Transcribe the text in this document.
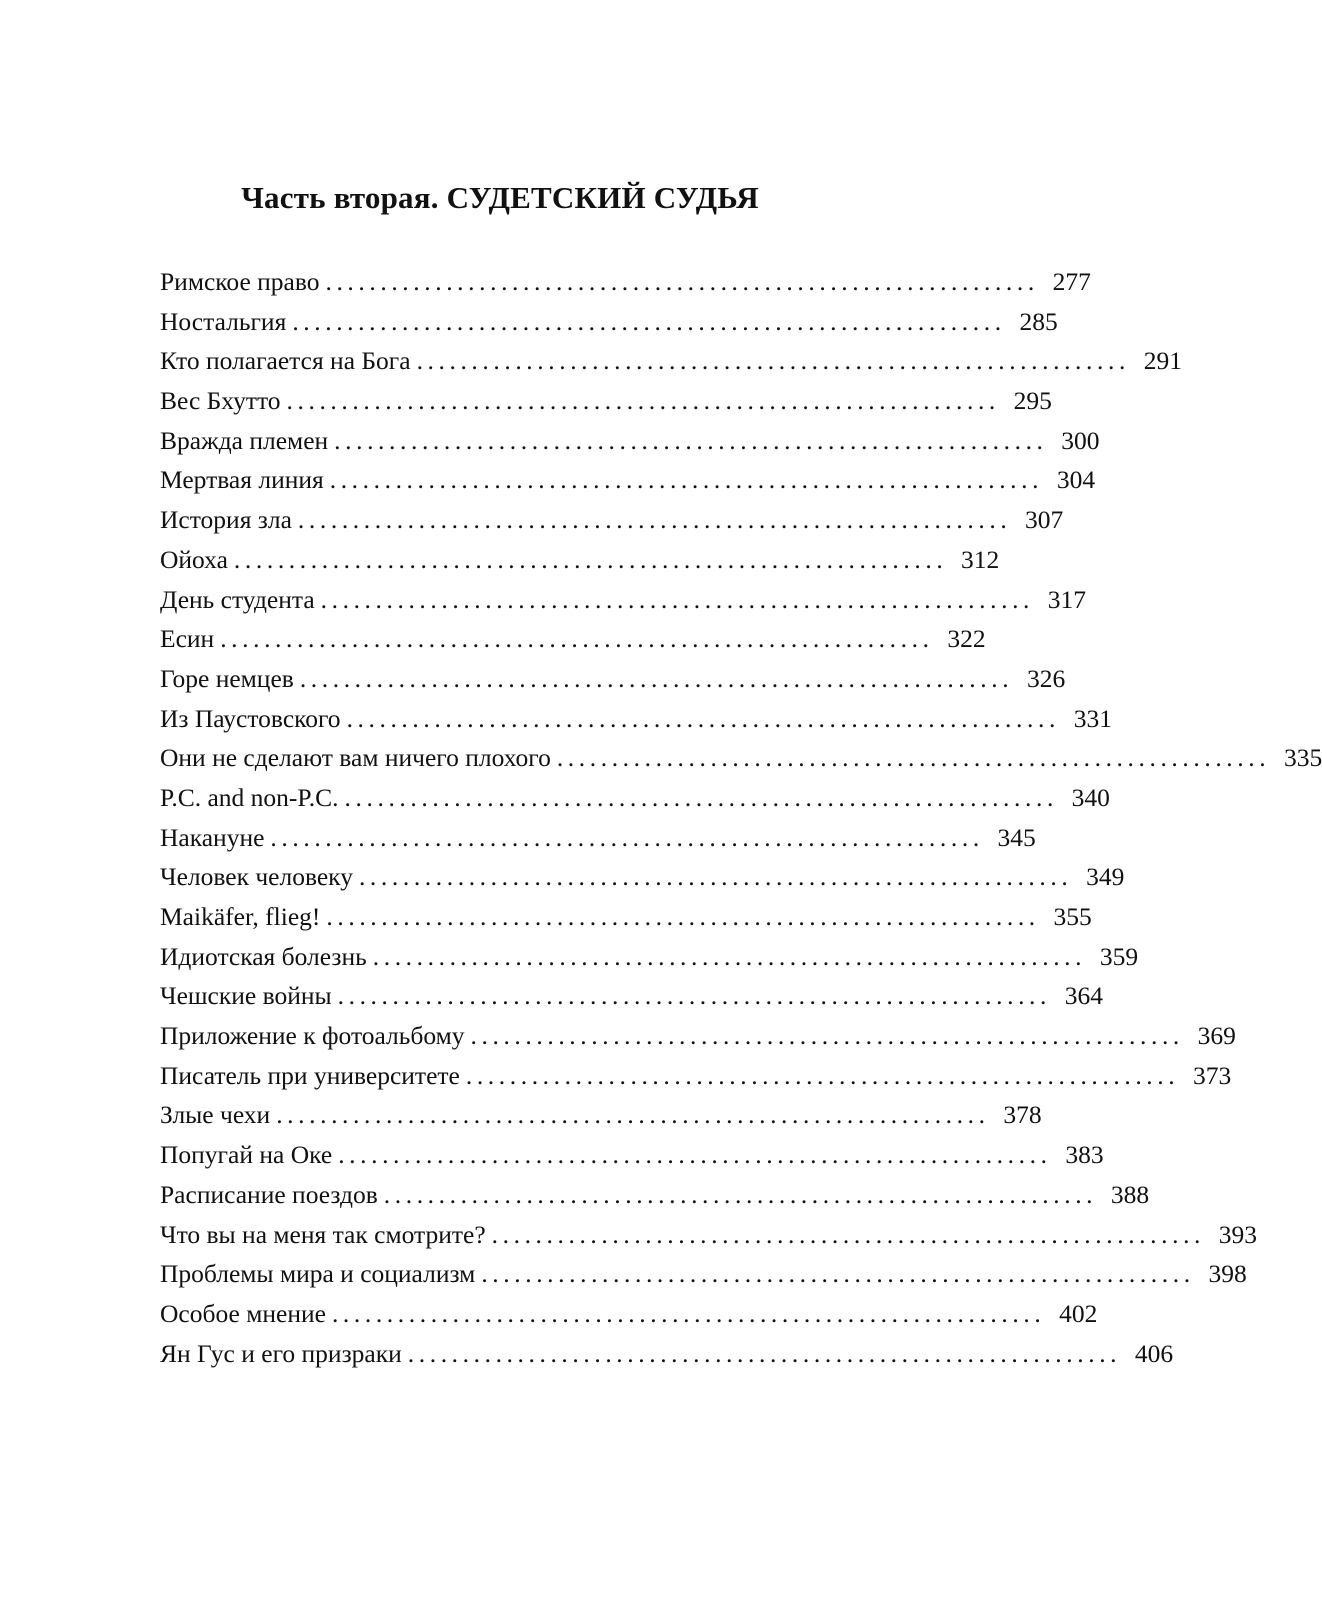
Часть вторая. СУДЕТСКИЙ СУДЬЯ
Римское право ................................................................. 277
Ностальгия ................................................................. 285
Кто полагается на Бога ................................................................. 291
Вес Бхутто ................................................................. 295
Вражда племен ................................................................. 300
Мертвая линия ................................................................. 304
История зла ................................................................. 307
Ойоха ................................................................. 312
День студента ................................................................. 317
Есин ................................................................. 322
Горе немцев ................................................................. 326
Из Паустовского ................................................................. 331
Они не сделают вам ничего плохого ................................................................. 335
P.C. and non-P.C. ................................................................. 340
Накануне ................................................................. 345
Человек человеку ................................................................. 349
Maikäfer, flieg! ................................................................. 355
Идиотская болезнь ................................................................. 359
Чешские войны ................................................................. 364
Приложение к фотоальбому ................................................................. 369
Писатель при университете ................................................................. 373
Злые чехи ................................................................. 378
Попугай на Оке ................................................................. 383
Расписание поездов ................................................................. 388
Что вы на меня так смотрите? ................................................................. 393
Проблемы мира и социализм ................................................................. 398
Особое мнение ................................................................. 402
Ян Гус и его призраки ................................................................. 406
